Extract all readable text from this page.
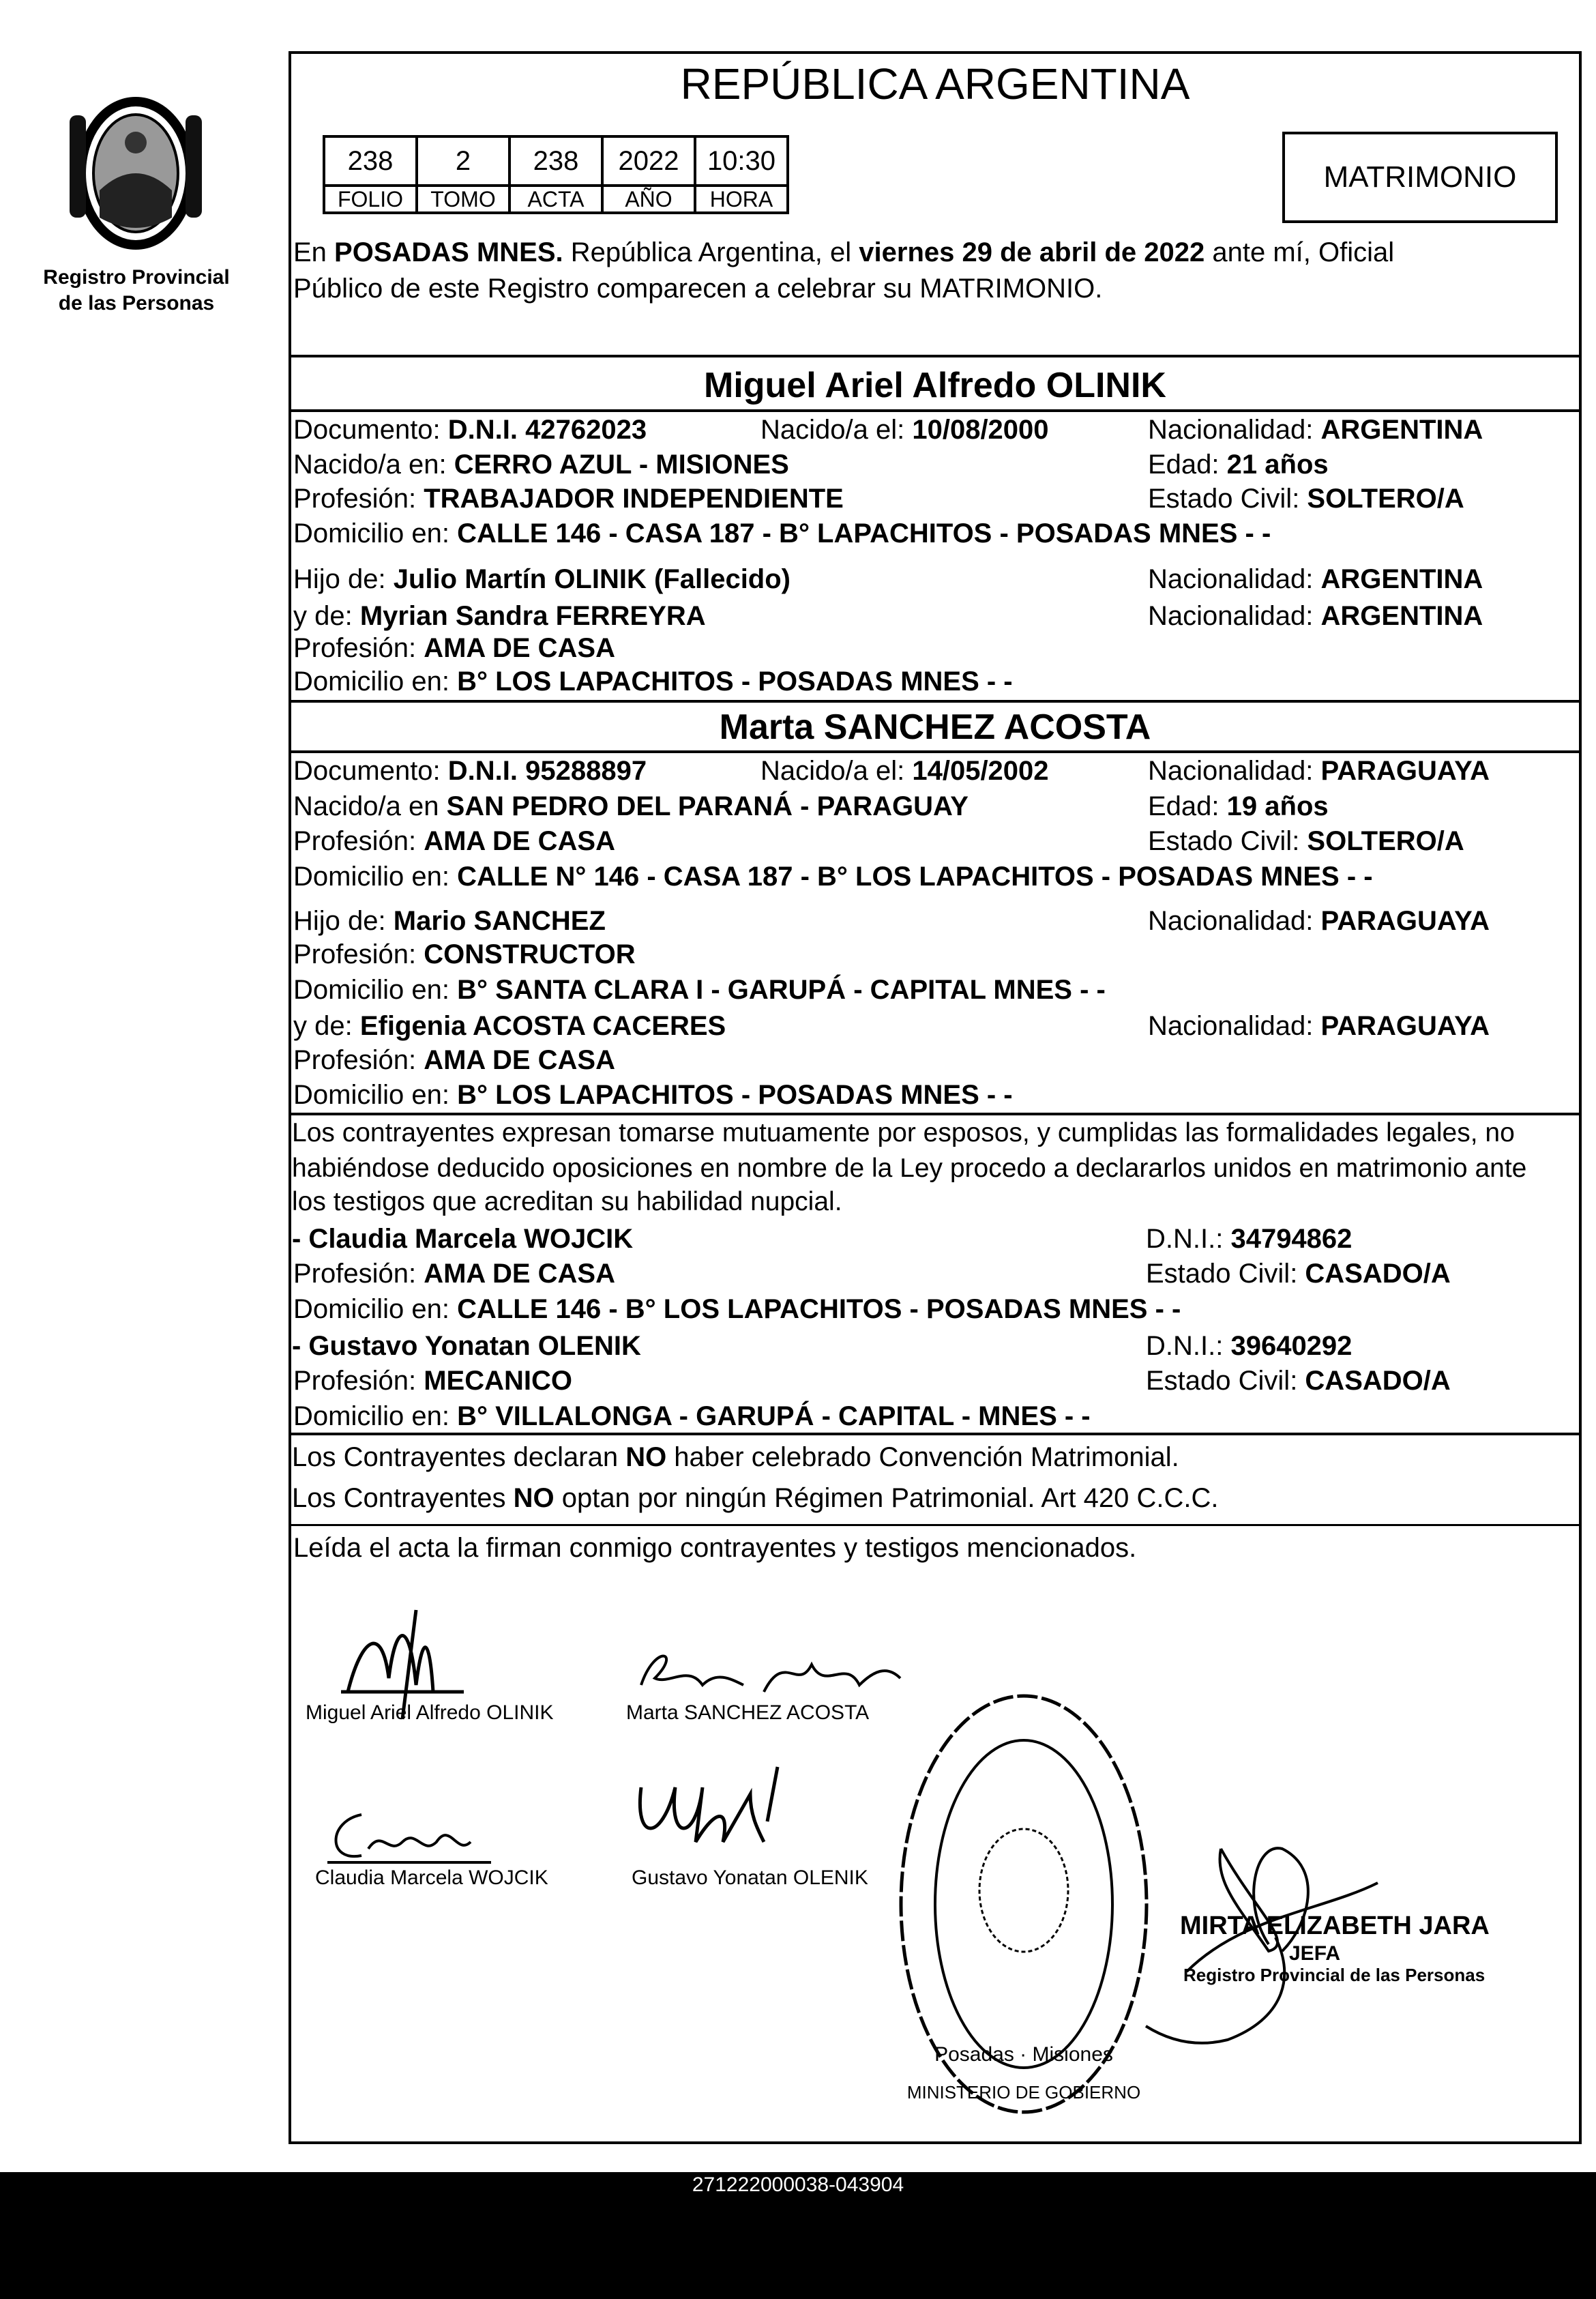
Registro Provincial
de las Personas
REPÚBLICA ARGENTINA
238	2	238	2022	10:30
FOLIO	TOMO	ACTA	AÑO	HORA
MATRIMONIO
En POSADAS MNES. República Argentina, el viernes 29 de abril de 2022 ante mí, Oficial
Público de este Registro comparecen a celebrar su MATRIMONIO.
Miguel Ariel Alfredo OLINIK
Documento: D.N.I. 42762023	Nacido/a el: 10/08/2000	Nacionalidad: ARGENTINA
Nacido/a en: CERRO AZUL - MISIONES	Edad: 21 años
Profesión: TRABAJADOR INDEPENDIENTE	Estado Civil: SOLTERO/A
Domicilio en: CALLE 146 - CASA 187 - B° LAPACHITOS - POSADAS MNES - -
Hijo de: Julio Martín OLINIK (Fallecido)	Nacionalidad: ARGENTINA
y de: Myrian Sandra FERREYRA	Nacionalidad: ARGENTINA
Profesión: AMA DE CASA
Domicilio en: B° LOS LAPACHITOS - POSADAS MNES - -
Marta SANCHEZ ACOSTA
Documento: D.N.I. 95288897	Nacido/a el: 14/05/2002	Nacionalidad: PARAGUAYA
Nacido/a en SAN PEDRO DEL PARANÁ - PARAGUAY	Edad: 19 años
Profesión: AMA DE CASA	Estado Civil: SOLTERO/A
Domicilio en: CALLE N° 146 - CASA 187 - B° LOS LAPACHITOS - POSADAS MNES - -
Hijo de: Mario SANCHEZ	Nacionalidad: PARAGUAYA
Profesión: CONSTRUCTOR
Domicilio en: B° SANTA CLARA I - GARUPÁ - CAPITAL MNES - -
y de: Efigenia ACOSTA CACERES	Nacionalidad: PARAGUAYA
Profesión: AMA DE CASA
Domicilio en: B° LOS LAPACHITOS - POSADAS MNES - -
Los contrayentes expresan tomarse mutuamente por esposos, y cumplidas las formalidades legales, no
habiéndose deducido oposiciones en nombre de la Ley procedo a declararlos unidos en matrimonio ante
los testigos que acreditan su habilidad nupcial.
- Claudia Marcela WOJCIK	D.N.I.: 34794862
Profesión: AMA DE CASA	Estado Civil: CASADO/A
Domicilio en: CALLE 146 - B° LOS LAPACHITOS - POSADAS MNES - -
- Gustavo Yonatan OLENIK	D.N.I.: 39640292
Profesión: MECANICO	Estado Civil: CASADO/A
Domicilio en: B° VILLALONGA - GARUPÁ - CAPITAL - MNES - -
Los Contrayentes declaran NO haber celebrado Convención Matrimonial.
Los Contrayentes NO optan por ningún Régimen Patrimonial. Art 420 C.C.C.
Leída el acta la firman conmigo contrayentes y testigos mencionados.
Miguel Ariel Alfredo OLINIK	Marta SANCHEZ ACOSTA
Claudia Marcela WOJCIK	Gustavo Yonatan OLENIK
Posadas · Misiones
MINISTERIO DE GOBIERNO
MIRTA ELIZABETH JARA
JEFA
Registro Provincial de las Personas
271222000038-043904
